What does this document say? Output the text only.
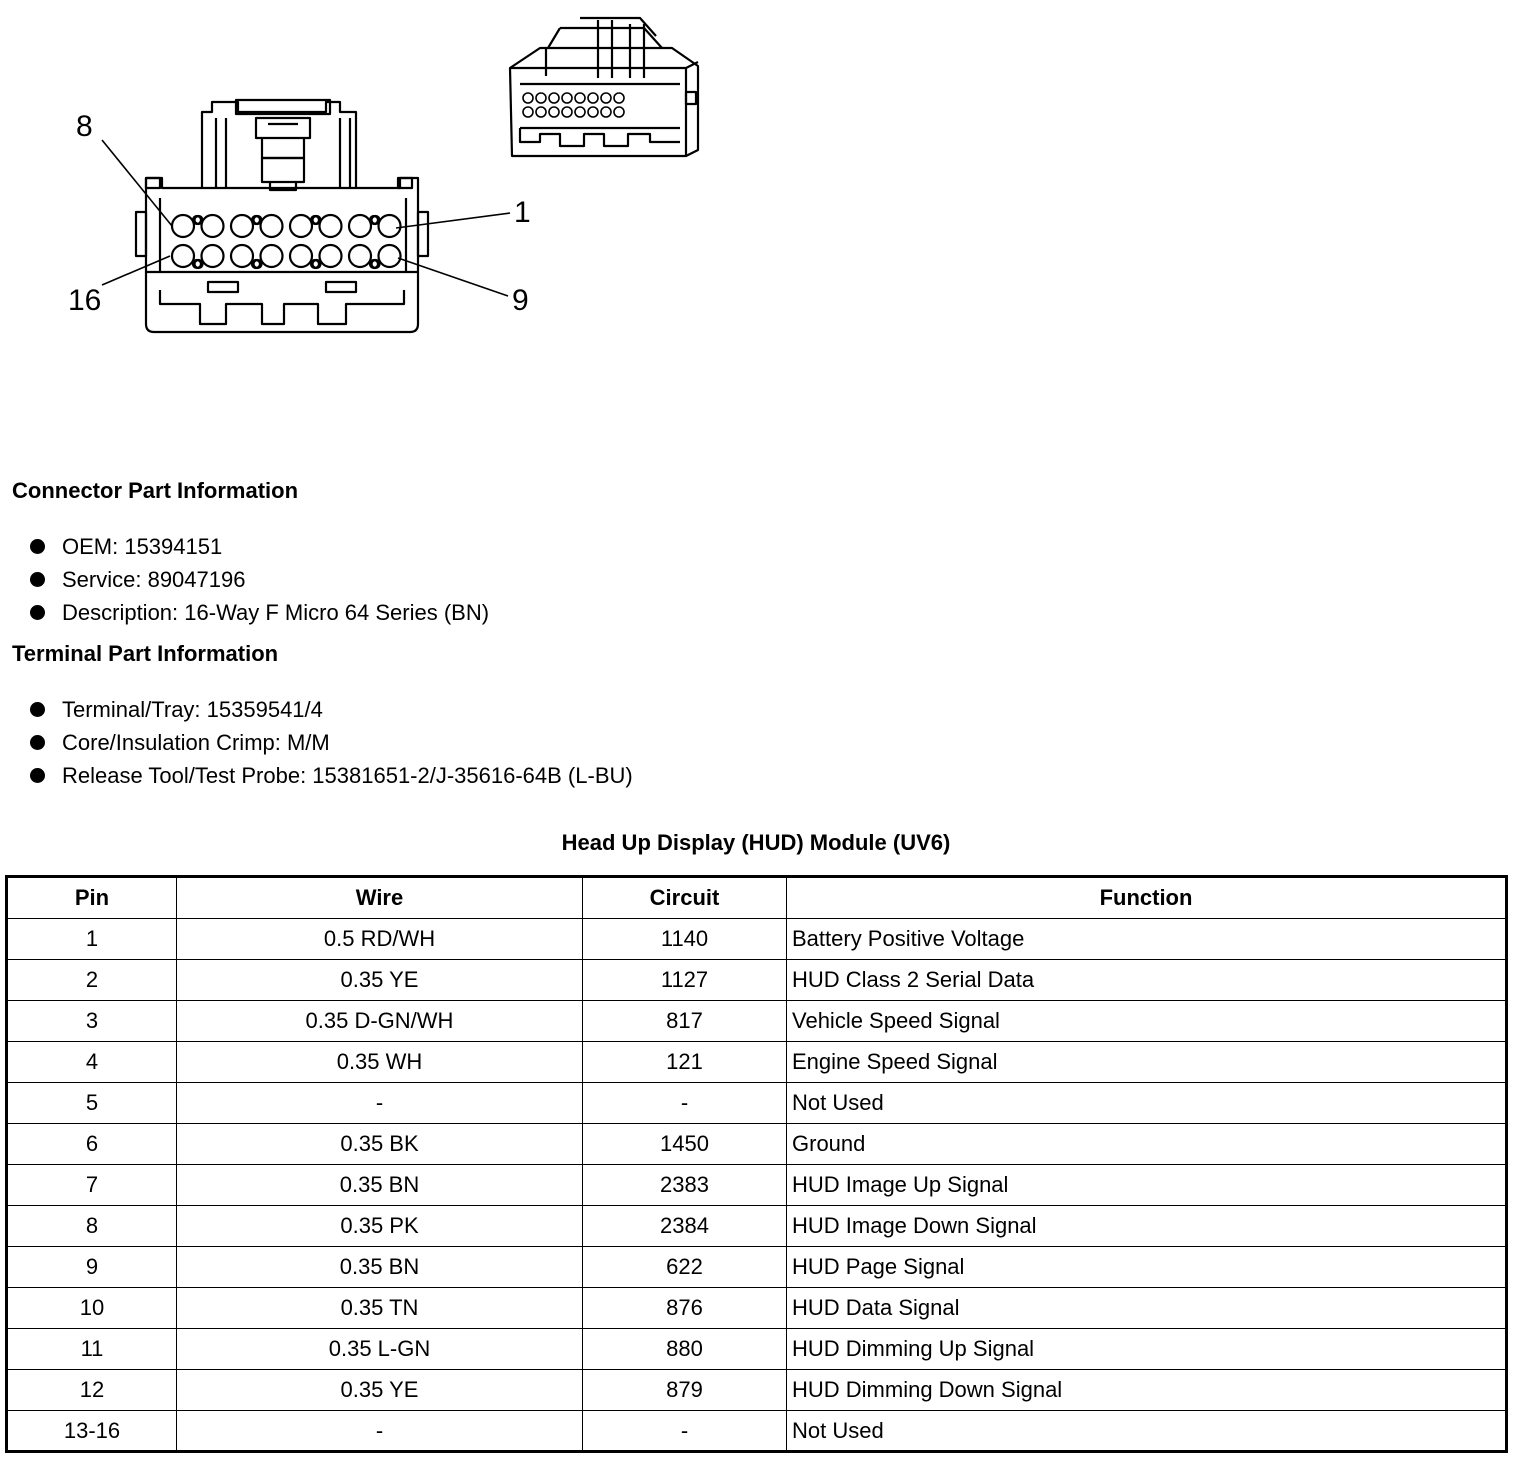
8
1
16	9
Connector Part Information
OEM: 15394151
Service: 89047196
Description: 16-Way F Micro 64 Series (BN)
Terminal Part Information
Terminal/Tray: 15359541/4
Core/Insulation Crimp: M/M
Release Tool/Test Probe: 15381651-2/J-35616-64B (L-BU)
Head Up Display (HUD) Module (UV6)
Pin	Wire	Circuit	Function
1	0.5 RD/WH	1140	Battery Positive Voltage
2	0.35 YE	1127	HUD Class 2 Serial Data
3	0.35 D-GN/WH	817	Vehicle Speed Signal
4	0.35 WH	121	Engine Speed Signal
5	-	-	Not Used
6	0.35 BK	1450	Ground
7	0.35 BN	2383	HUD Image Up Signal
8	0.35 PK	2384	HUD Image Down Signal
9	0.35 BN	622	HUD Page Signal
10	0.35 TN	876	HUD Data Signal
11	0.35 L-GN	880	HUD Dimming Up Signal
12	0.35 YE	879	HUD Dimming Down Signal
13-16	-	-	Not Used
